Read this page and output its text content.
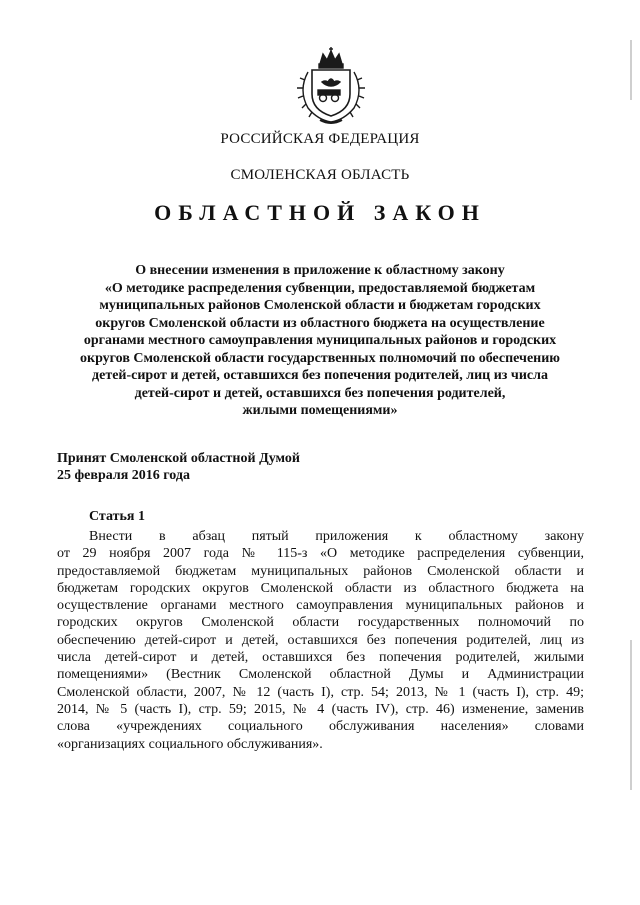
РОССИЙСКАЯ ФЕДЕРАЦИЯ
СМОЛЕНСКАЯ ОБЛАСТЬ
ОБЛАСТНОЙ ЗАКОН
О внесении изменения в приложение к областному закону
«О методике распределения субвенции, предоставляемой бюджетам
муниципальных районов Смоленской области и бюджетам городских
округов Смоленской области из областного бюджета на осуществление
органами местного самоуправления муниципальных районов и городских
округов Смоленской области государственных полномочий по обеспечению
детей-сирот и детей, оставшихся без попечения родителей, лиц из числа
детей-сирот и детей, оставшихся без попечения родителей,
жилыми помещениями»
Принят Смоленской областной Думой
25 февраля 2016 года
Статья 1
Внести в абзац пятый приложения к областному закону
от 29 ноября 2007 года № 115-з «О методике распределения субвенции,
предоставляемой бюджетам муниципальных районов Смоленской области и
бюджетам городских округов Смоленской области из областного бюджета на
осуществление органами местного самоуправления муниципальных районов и
городских округов Смоленской области государственных полномочий по
обеспечению детей-сирот и детей, оставшихся без попечения родителей, лиц из
числа детей-сирот и детей, оставшихся без попечения родителей, жилыми
помещениями» (Вестник Смоленской областной Думы и Администрации
Смоленской области, 2007, № 12 (часть I), стр. 54; 2013, № 1 (часть I), стр. 49;
2014, № 5 (часть I), стр. 59; 2015, № 4 (часть IV), стр. 46) изменение, заменив
слова «учреждениях социального обслуживания населения» словами
«организациях социального обслуживания».
